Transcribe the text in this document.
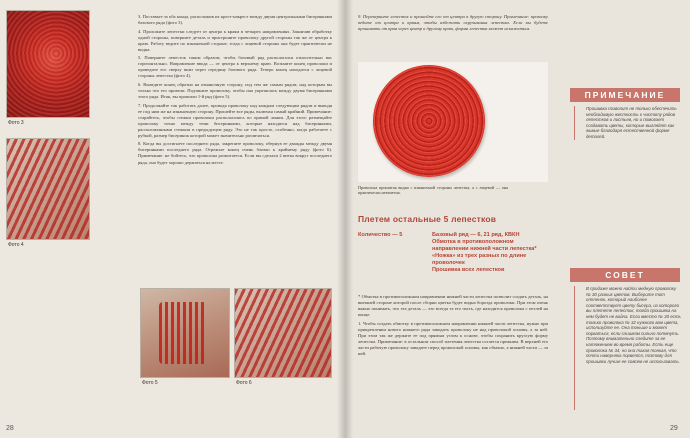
Фото 3
Фото 4
Фото 5	Фото 6

3. Поставьте за оба конца, расположив их крест-накрест между двумя центральными бисеринками базового ряда (фото 3).

4. Проложите лепестки следует от центра к краям в четырех направлениях. Закончив обработку одной стороны, поверните деталь и пристроните проволоку другой стороны так же от центра к краю. Работу ведите по изнаночной стороне, тогда с лицевой стороны она будет практически не видна.

5. Поверните лепесток таким образом, чтобы базовый ряд располагался относительно вас горизонтально. Направление ввода — от центра к верхнему краю. Возьмите конец проволоки и проведите его сверху вниз через середину базового ряда. Теперь конец находится с лицевой стороны лепестка (фото 4).

6. Выведите конец обратно на изнаночную сторону, под тем же самым рядом, над которым вы только что его провели. Подтяните проволоку, чтобы она укрепилась между двумя бисеринками этого ряда. Итак, вы прошили 1-й ряд (фото 5).

7. Продолжайте так работать далее, проводя проволоку над каждым следующим рядом и выводя ее под ним же на изнаночную сторону. Прошейте все ряды, включая самый крайний. Примечание: старайтесь, чтобы стежки проволоки располагались по прямой линии. Для этого размещайте проволоку точно между теми бисеринками, которые находятся над бисеринками, расположенными стежком в предыдущем ряду. Это не так просто, особенно, когда работаете с рубкой, размер бисеринок которой может значительно различаться.

8. Когда вы достигнете последнего ряда, закрепите проволоку, обернув ее дважды между двумя бисеринками последнего ряда. Отрежьте конец очень близко к крайнему ряду (фото 6). Примечание: не бойтесь, что проволока размотается. Если вы сделали 2 витка вокруг последнего ряда, она будет хорошо держаться на месте.

28
9. Переверните лепесток и прошейте его от центра в другую сторону. Примечание: проволку ведите от центра к краям, чтобы избежать скручивания лепестка. Если вы будете прошивать от края через центр к другому краю, форма лепестка может искажаться.
Проволока прошитая видна с изнаночной стороны лепестка, а с лицевой — она практически незаметна.
Плетем остальные 5 лепестков
Количество — 5	Базовый ряд — 6, 21 ряд, КВКН
Обмотка в противоположном
направлении нижней части лепестка*
«Ножка» из трех разных по длине
проволочек
Прошивка всех лепестков

* Обмотка в противоположном направлении нижней части лепестка позволит создать деталь, на внешней стороне которой после сборки цветка будет видна борозда проволоки. При этом очень важно понимать, что эта деталь — это всегда та его часть, где находится проволока с петлей на конце.

1. Чтобы создать обмотку в противоположном направлении нижней части лепестка, нужно при прикреплении нового нижнего ряда заводить проволоку не над проволокой основы, а за ней. При этом так же держите ее под прямым углом к основе, чтобы сохранить круглую форму лепестка. Примечание: в остальном способ плетения лепестка остается прежним. В верхней его части рабочую проволоку заводите перед проволокой основы, как обычно, а нижней части — за ней.

ПРИМЕЧАНИЕ
Прошивка позволит не только обеспечить необходимую жесткость к чистоту рядов лепестков и листьев, но и помогает создавать цветы, которые выглядят как живые благодаря естественной форме деталей.
СОВЕТ
В продаже можно найти медную проволоку № 30 разных цветов. Выберите тот оттенок, который наиболее соответствует цвету бисера, из которого вы плетете лепесток, тогда прошивка на нем будет не видна. Если вместо № 30 есть только проволока № 32 нужного вам цвета, используйте ее. Она тоньше и может порваться, если слишком сильно потянуть. Поэтому внимательно следите за ее натяжением во время работы. Есть еще проволока № 34, но она такая тонкая, что почти наверняка порвется, поэтому для прошивки лучше ее совсем не использовать.
29
